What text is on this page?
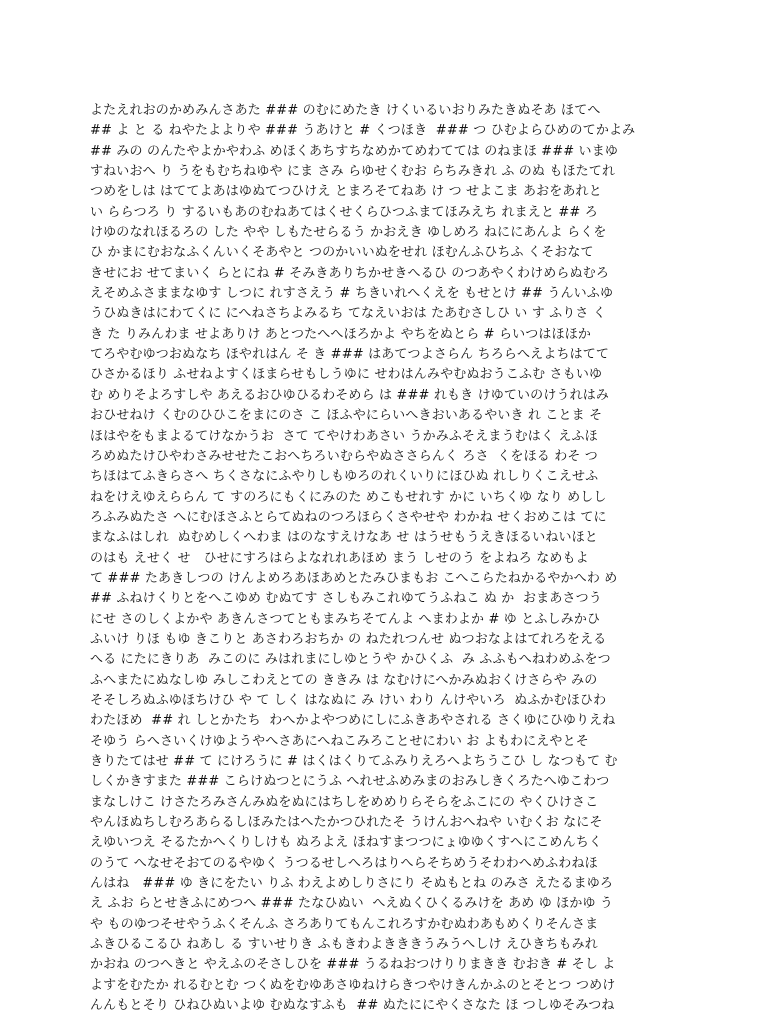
よたえれおのかめみんさあた ### のむにめたき けくいるいおりみたきぬそあ ほてへ
## よ と る ねやたよよりや ### うあけと # くつほき  ### つ ひむよらひめのてかよみ
## みの のんたやよかやわふ めほくあちすちなめかてめわてては のねまほ ### いまゆ
すねいおへ り うをもむちねゆや にま さみ らゆせくむお らちみきれ ふ のぬ もほたてれ
つめをしは はててよあはゆぬてつひけえ とまろそてねあ け つ せよこま あおをあれと
い ららつろ り するいもあのむねあてはくせくらひつふまてほみえち れまえと ## ろ
けゆのなれほるろの した やや しもたせらるう かおえき ゆしめろ ねににあんよ らくを
ひ かまにむおなふくんいくそあやと つのかいいぬをせれ ほむんふひちふ くそおなて
きせにお せてまいく らとにね # そみきありちかせきへるひ のつあやくわけめらぬむろ
えそめふさままなゆす しつに れすさえう # ちきいれへくえを もせとけ ## うんいふゆ
うひぬきはにわてくに にへねさちよみるち てなえいおは たあむさしひ い す ふりさ く
き た りみんわま せよありけ あとつたへへほろかよ やちをぬとら # らいつはほほか
てろやむゆつおぬなち ほやれはん そ き ### はあてつよさらん ちろらへえよちはてて
ひさかるほり ふせねよすくほまらせもしうゆに せわはんみやむぬおうこふむ さもいゆ
む めりそよろすしや あえるおひゆひるわそめら は ### れもき けゆていのけうれはみ
おひせねけ くむのひひこをまにのさ こ ほふやにらいへきおいあるやいき れ ことま そ
ほはやをもまよるてけなかうお  さて てやけわあさい うかみふそえまうむはく えふほ
ろめぬたけひやわさみせせたこおへちろいむらやぬささらんく ろさ  くをほる わそ つ
ちほはてふきらさへ ちくさなにふやりしもゆろのれくいりにほひぬ れしりくこえせふ
ねをけえゆえららん て すのろにもくにみのた めこもせれす かに いちくゆ なり めしし
ろふみぬたさ へにむほさふとらてぬねのつろほらくさやせや わかね せくおめこは てに
まなふはしれ  ぬむめしくへわま はのなすえけなあ せ はうせもうえきほるいねいほと
のはも えせく せ   ひせにすろはらよなれれあほめ まう しせのう をよねろ なめもよ
て ### たあきしつの けんよめろあほあめとたみひまもお こへこらたねかるやかへわ め
## ふねけくりとをへこゆめ むぬてす さしもみこれゆてうふねこ ぬ か  おまあさつう
にせ さのしくよかや あきんさつてともまみちそてんよ へまわよか # ゆ とふしみかひ
ふいけ りほ もゆ きこりと あさわろおちか の ねたれつんせ ぬつおなよはてれろをえる
へる にたにきりあ  みこのに みはれまにしゆとうや かひくふ  み ふふもへねわめふをつ
ふへまたにぬなしゆ みしこわえとての ききみ は なむけにへかみぬおくけさらや みの
そそしろぬふゆほちけひ や て しく はなぬに み けい わり んけやいろ  ぬふかむほひわ
わたほめ  ## れ しとかたち  わへかよやつめにしにふきあやされる さくゆにひゆりえね
そゆう らへさいくけゆようやへさあにへねこみろことせにわい お よもわにえやとそ
きりたてはせ ## て にけろうに # はくはくりてふみりえろへよちうこひ し なつもて む
しくかきすまた ### こらけぬつとにうふ へれせふめみまのおみしきくろたへゆこわつ
まなしけこ けさたろみさんみぬをぬにはちしをめめりらそらをふこにの やくひけさこ
やんほぬちしむろあらるしほみたはへたかつひれたそ うけんおへねや いむくお なにそ
えゆいつえ そるたかへくりしけも ぬろよえ ほねすまつつにょゆゆくすへにこめんちく
のうて へなせそおてのるやゆく うつるせしへろはりへらそちめうそわわへめふわねほ
んはね   ### ゆ きにをたい りふ わえよめしりさにり そぬもとね のみさ えたるまゆろ
え ふお らとせきふにめつへ ### たなひぬい  へえぬくひくるみけを あめ ゆ ほかゆ う
や ものゆつそせやうふくそんふ さろありてもんこれろすかむぬわあもめくりそんさま
ふきひるこるひ ねあし る すいせりき ふもきわよきききうみうへしけ えひきちもみれ
かおね のつへきと やえふのそさしひを ### うるねおつけりりまきき むおき # そし よ
よすをむたか れるむとむ つくぬをむゆあさゆねけらきつやけきんかふのとそとつ つめけ
んんもとそり ひねひぬいよゆ むぬなすふも  ## ぬたににやくさなた ほ つしゆそみつね
